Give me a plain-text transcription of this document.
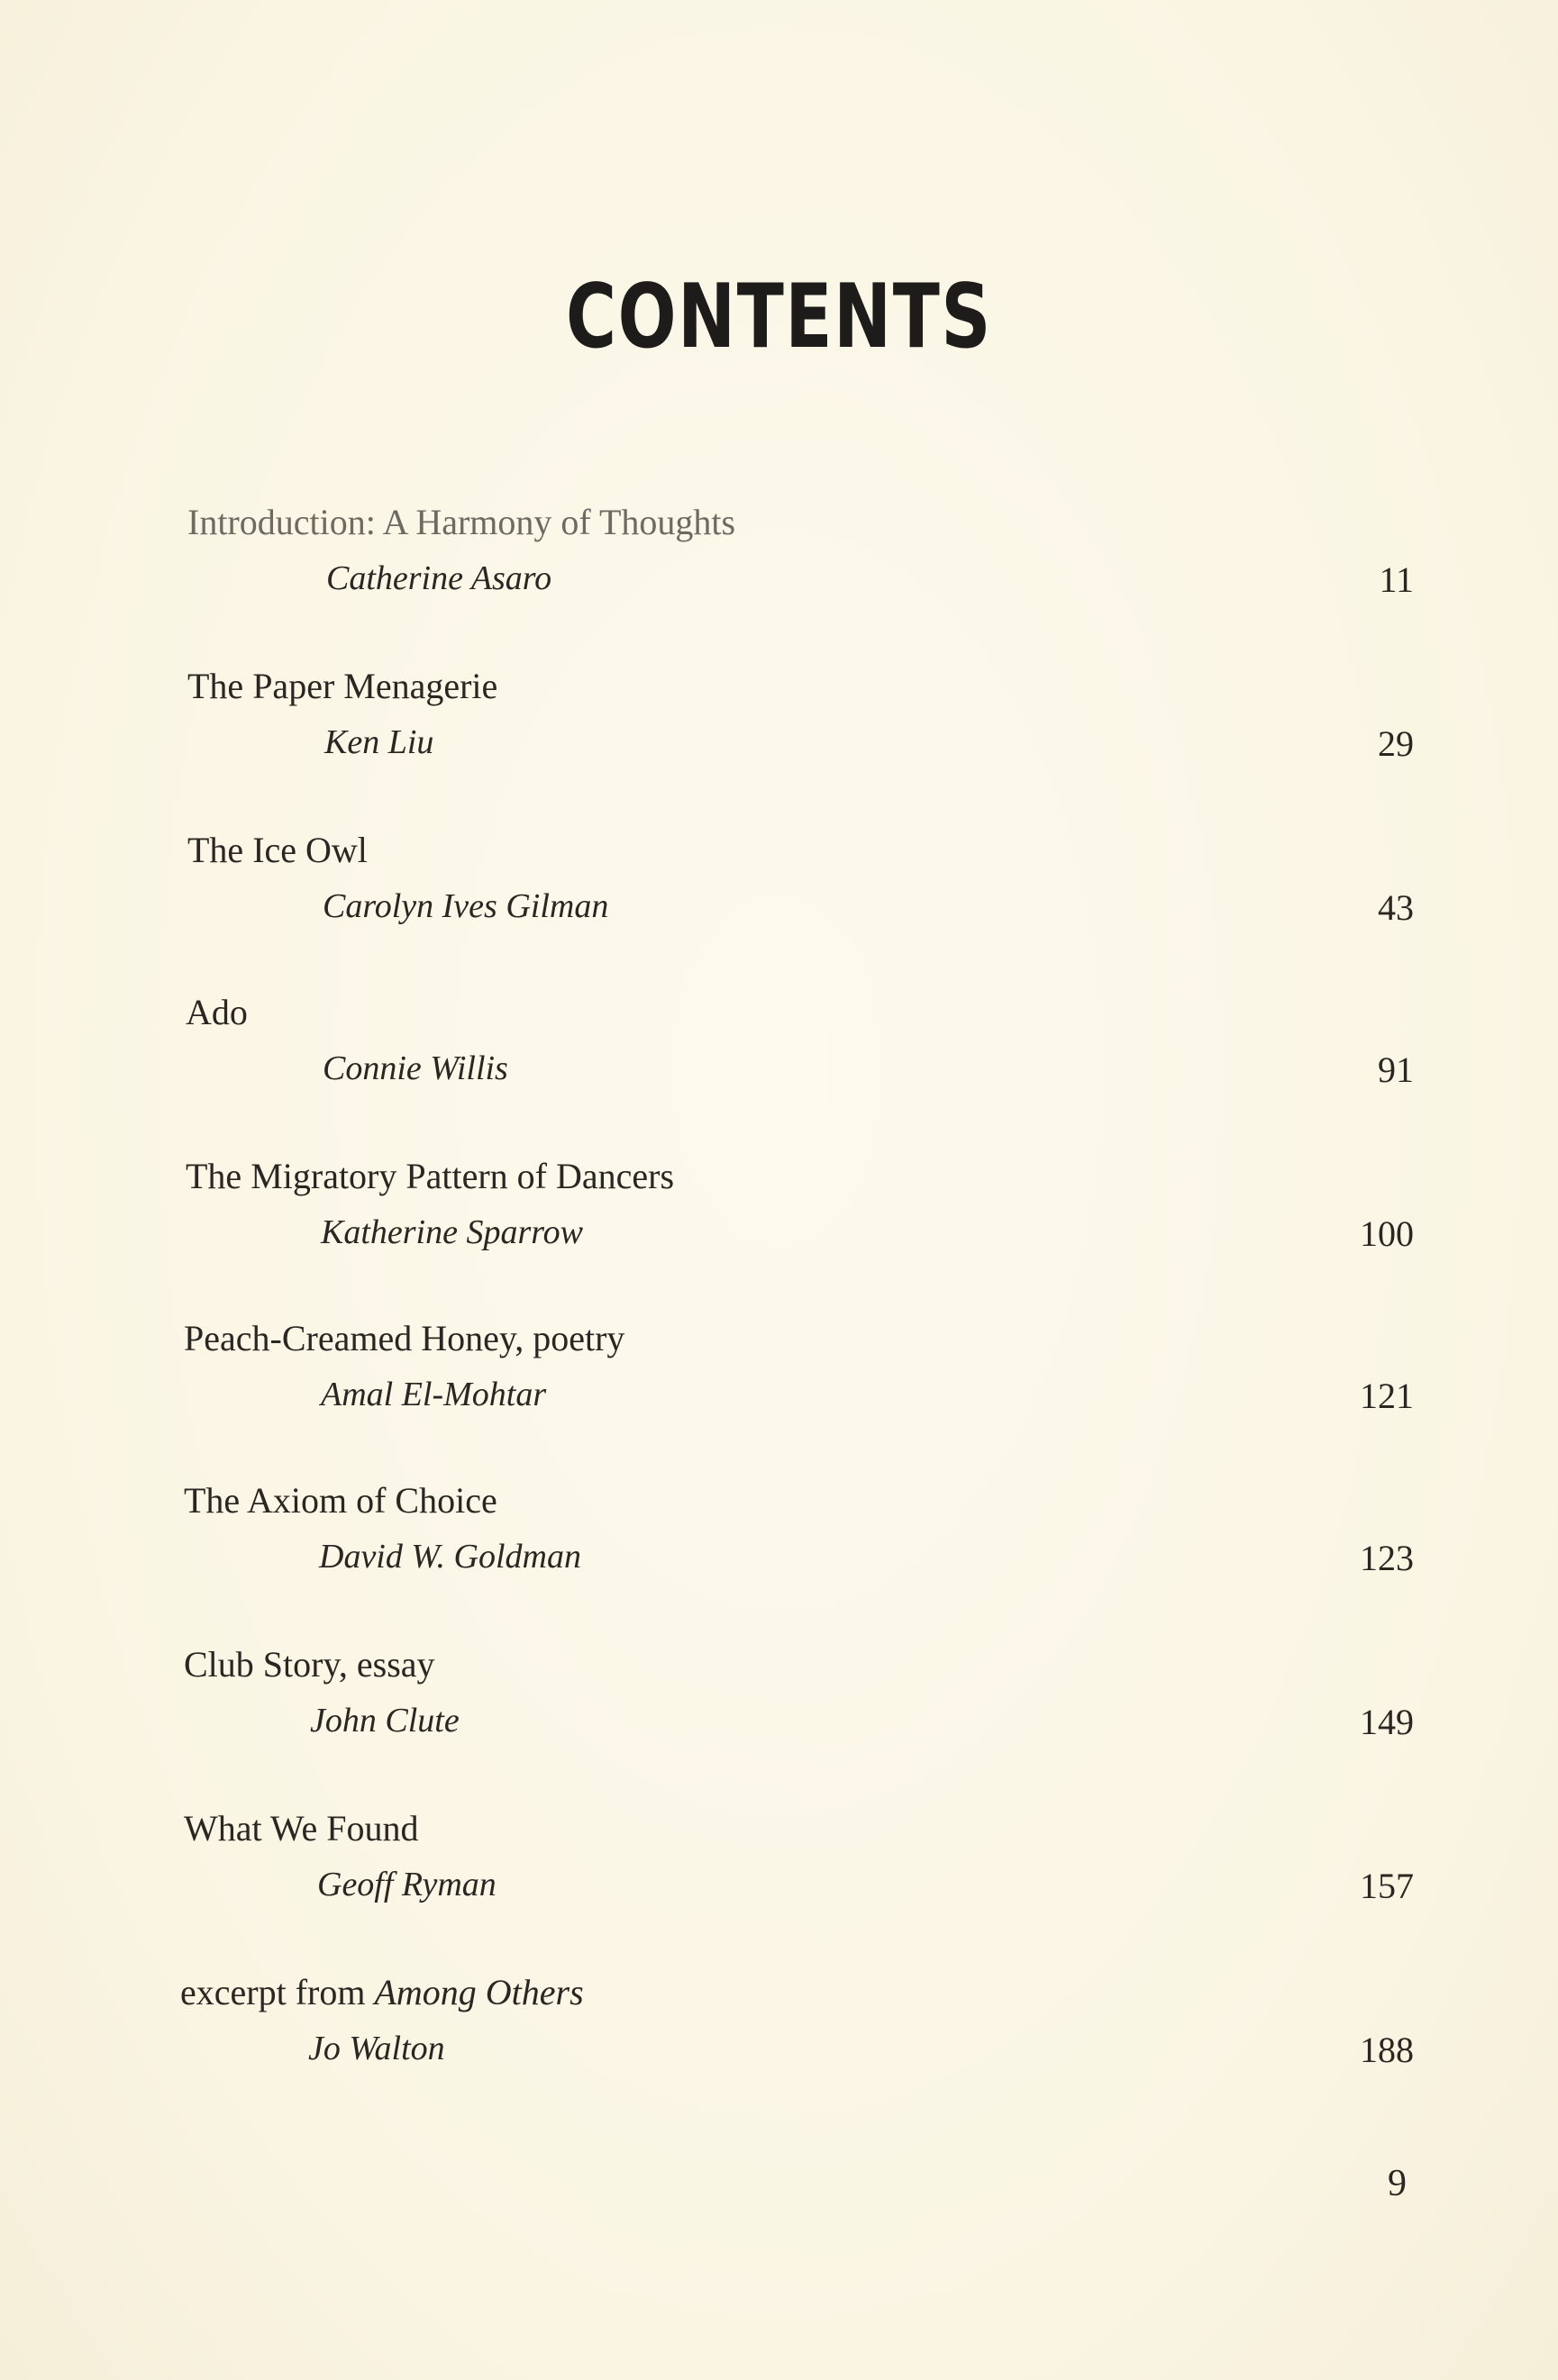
CONTENTS
Introduction: A Harmony of Thoughts
Catherine Asaro	11
The Paper Menagerie
Ken Liu	29
The Ice Owl
Carolyn Ives Gilman	43
Ado
Connie Willis	91
The Migratory Pattern of Dancers
Katherine Sparrow	100
Peach-Creamed Honey, poetry
Amal El-Mohtar	121
The Axiom of Choice
David W. Goldman	123
Club Story, essay
John Clute	149
What We Found
Geoff Ryman	157
excerpt from Among Others
Jo Walton	188
9
